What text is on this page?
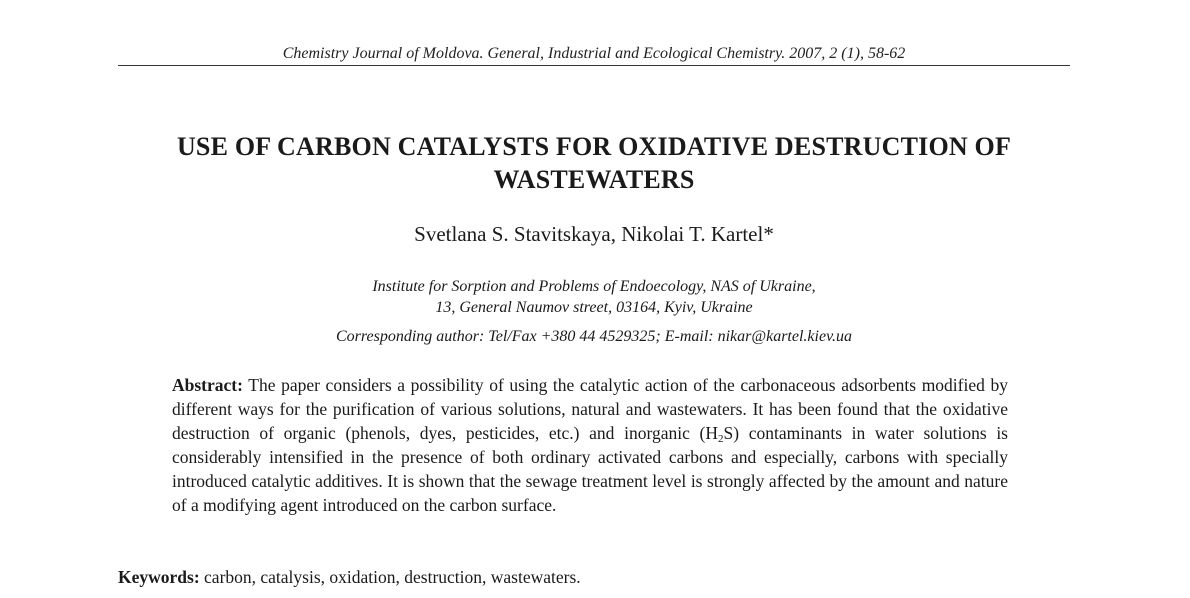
Chemistry Journal of Moldova. General, Industrial and Ecological Chemistry. 2007, 2 (1), 58-62
USE OF CARBON CATALYSTS FOR OXIDATIVE DESTRUCTION OF
WASTEWATERS
Svetlana S. Stavitskaya, Nikolai T. Kartel*
Institute for Sorption and Problems of Endoecology, NAS of Ukraine,
13, General Naumov street, 03164, Kyiv, Ukraine
Corresponding author: Tel/Fax +380 44 4529325; E-mail: nikar@kartel.kiev.ua
Abstract: The paper considers a possibility of using the catalytic action of the carbonaceous adsorbents modified by different ways for the purification of various solutions, natural and wastewaters. It has been found that the oxidative destruction of organic (phenols, dyes, pesticides, etc.) and inorganic $(H_2S)$ contaminants in water solutions is considerably intensified in the presence of both ordinary activated carbons and especially, carbons with specially introduced catalytic additives. It is shown that the sewage treatment level is strongly affected by the amount and nature of a modifying agent introduced on the carbon surface.
Keywords: carbon, catalysis, oxidation, destruction, wastewaters.
